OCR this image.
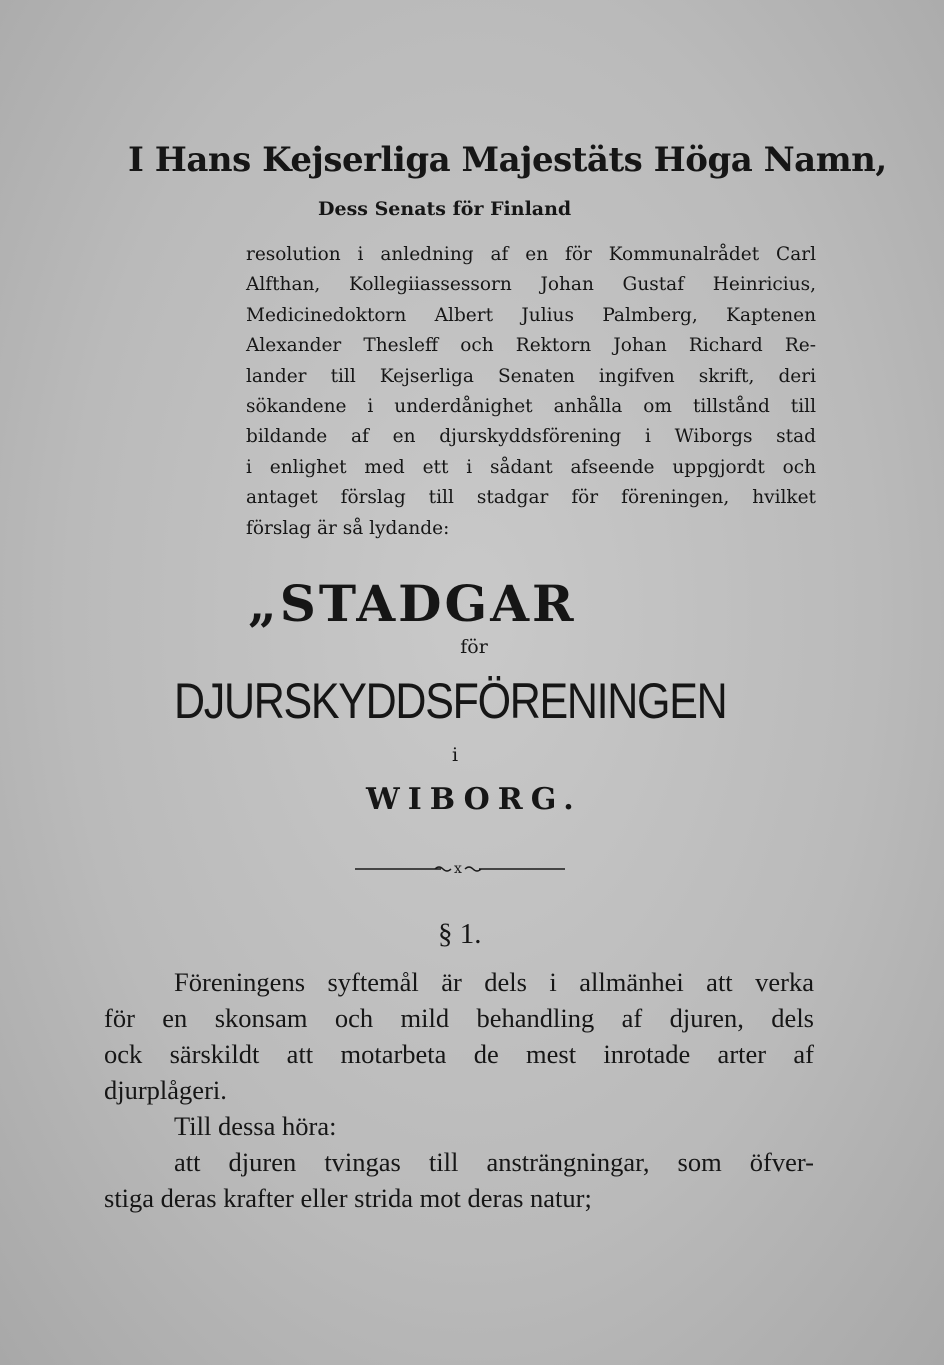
I Hans Kejserliga Majestäts Höga Namn,
Dess Senats för Finland
resolution i anledning af en för Kommunalrådet Carl
Alfthan, Kollegiiassessorn Johan Gustaf Heinricius,
Medicinedoktorn Albert Julius Palmberg, Kaptenen
Alexander Thesleff och Rektorn Johan Richard Re-
lander till Kejserliga Senaten ingifven skrift, deri
sökandene i underdånighet anhålla om tillstånd till
bildande af en djurskyddsförening i Wiborgs stad
i enlighet med ett i sådant afseende uppgjordt och
antaget förslag till stadgar för föreningen, hvilket
förslag är så lydande:
„STADGAR
för
DJURSKYDDSFÖRENINGEN
i
WIBORG.
x
§ 1.
Föreningens syftemål är dels i allmänhei att verka
för en skonsam och mild behandling af djuren, dels
ock särskildt att motarbeta de mest inrotade arter af
djurplågeri.
Till dessa höra:
att djuren tvingas till ansträngningar, som öfver-
stiga deras krafter eller strida mot deras natur;
